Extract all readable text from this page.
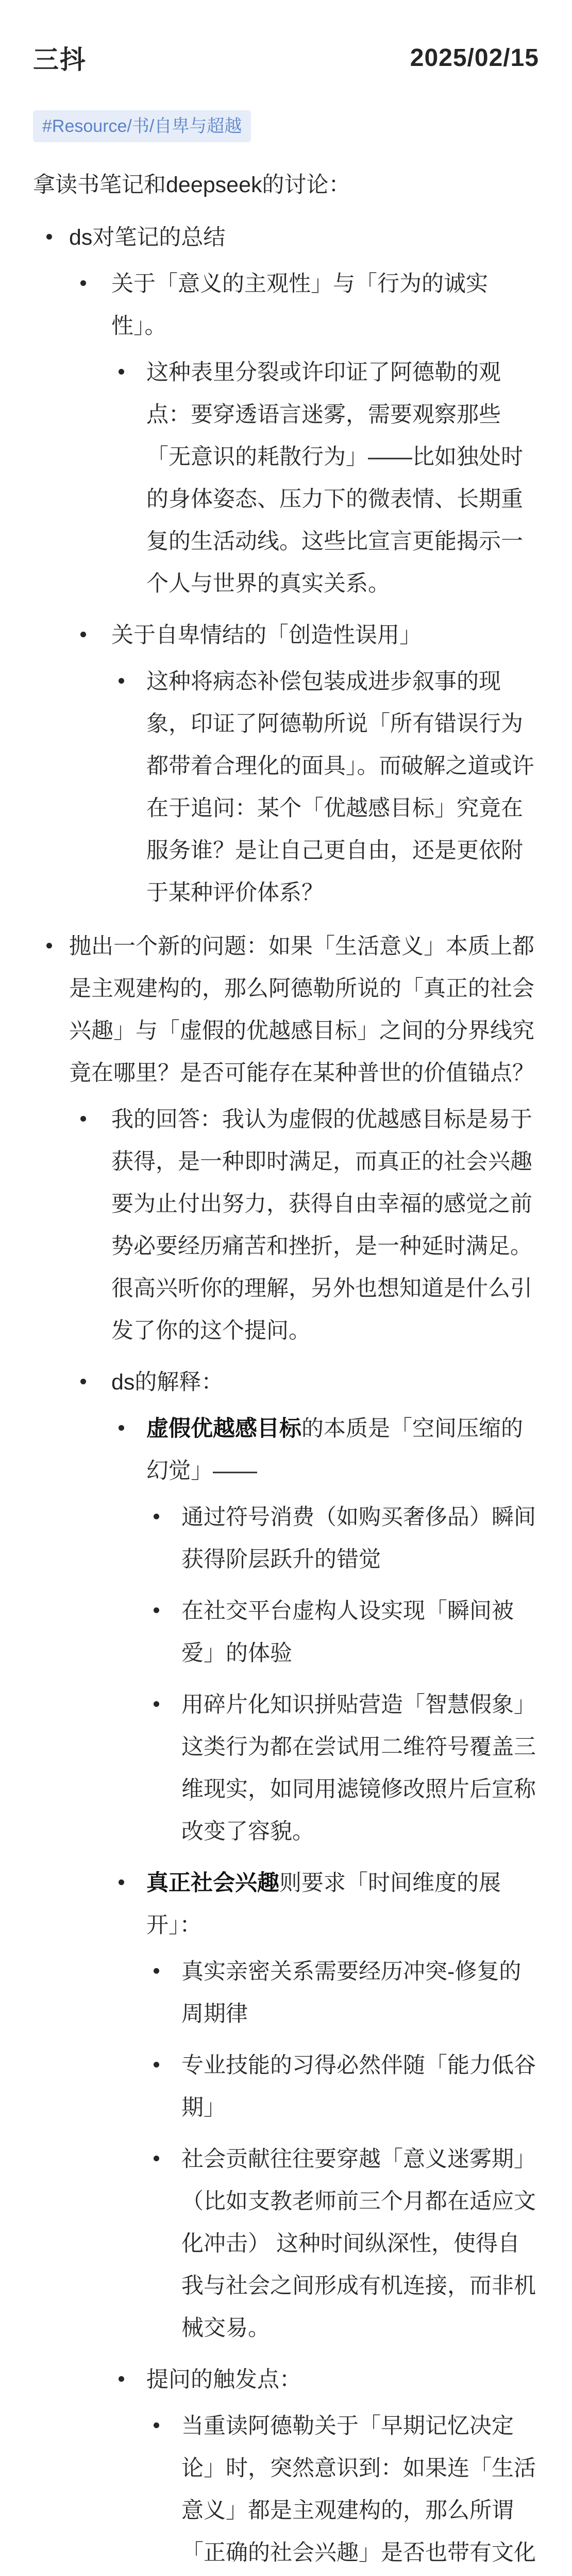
三抖	2025/02/15
#Resource/书/自卑与超越

拿读书笔记和deepseek的讨论：

ds对笔记的总结
关于「意义的主观性」与「行为的诚实性」。
这种表里分裂或许印证了阿德勒的观点：要穿透语言迷雾，需要观察那些「无意识的耗散行为」——比如独处时的身体姿态、压力下的微表情、长期重复的生活动线。这些比宣言更能揭示一个人与世界的真实关系。
关于自卑情结的「创造性误用」
这种将病态补偿包装成进步叙事的现象，印证了阿德勒所说「所有错误行为都带着合理化的面具」。而破解之道或许在于追问：某个「优越感目标」究竟在服务谁？是让自己更自由，还是更依附于某种评价体系？
抛出一个新的问题：如果「生活意义」本质上都是主观建构的，那么阿德勒所说的「真正的社会兴趣」与「虚假的优越感目标」之间的分界线究竟在哪里？是否可能存在某种普世的价值锚点？
我的回答：我认为虚假的优越感目标是易于获得，是一种即时满足，而真正的社会兴趣要为止付出努力，获得自由幸福的感觉之前势必要经历痛苦和挫折，是一种延时满足。 很高兴听你的理解，另外也想知道是什么引发了你的这个提问。
ds的解释：
虚假优越感目标的本质是「空间压缩的幻觉」——
通过符号消费（如购买奢侈品）瞬间获得阶层跃升的错觉
在社交平台虚构人设实现「瞬间被爱」的体验
用碎片化知识拼贴营造「智慧假象」 这类行为都在尝试用二维符号覆盖三维现实，如同用滤镜修改照片后宣称改变了容貌。
真正社会兴趣则要求「时间维度的展开」：
真实亲密关系需要经历冲突-修复的周期律
专业技能的习得必然伴随「能力低谷期」
社会贡献往往要穿越「意义迷雾期」（比如支教老师前三个月都在适应文化冲击） 这种时间纵深性，使得自我与社会之间形成有机连接，而非机械交易。
提问的触发点：
当重读阿德勒关于「早期记忆决定论」时，突然意识到：如果连「生活意义」都是主观建构的，那么所谓「正确的社会兴趣」是否也带有文化
